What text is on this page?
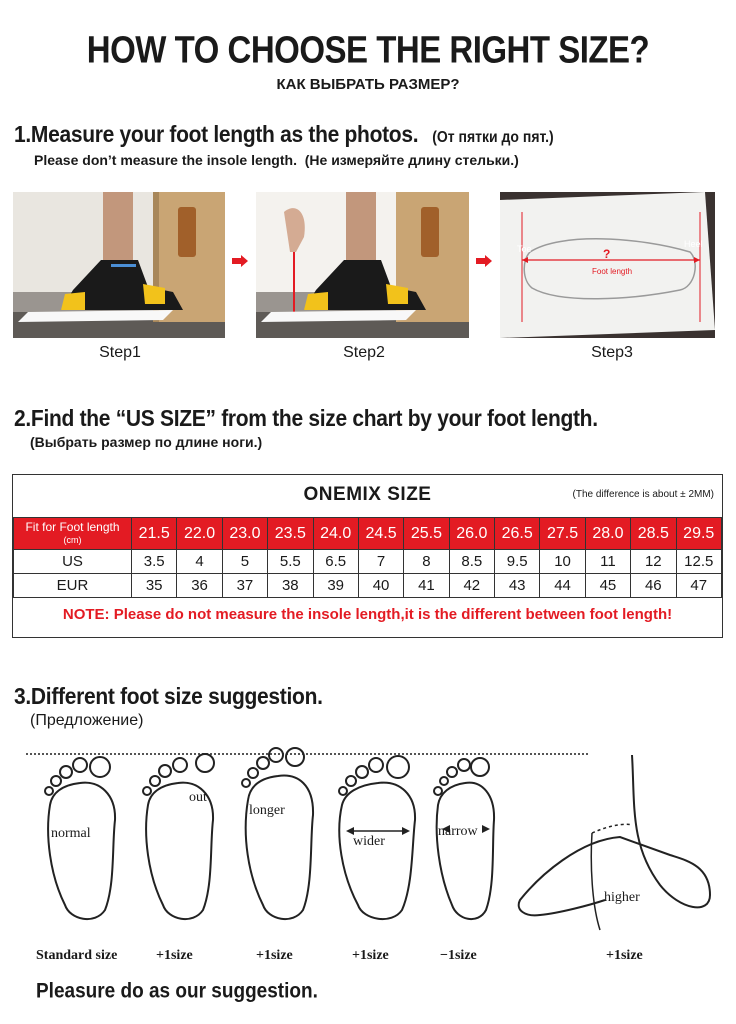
HOW TO CHOOSE THE RIGHT SIZE?
КАК ВЫБРАТЬ РАЗМЕР?
1.Measure your foot length as the photos. (От пятки до пят.)
Please don’t measure the insole length. (Не измеряйте длину стельки.)
Toe	Heel
?
Foot length
Step1	Step2	Step3
2.Find the “US SIZE” from the size chart by your foot length.
(Выбрать размер по длине ноги.)
ONEMIX SIZE	(The difference is about ± 2MM)
Fit for Foot length
(cm)	21.5	22.0	23.0	23.5	24.0	24.5	25.5	26.0	26.5	27.5	28.0	28.5	29.5
US	3.5	4	5	5.5	6.5	7	8	8.5	9.5	10	11	12	12.5
EUR	35	36	37	38	39	40	41	42	43	44	45	46	47
NOTE: Please do not measure the insole length,it is the different between foot length!
3.Different foot size suggestion.
(Предложение)
normal
out
longer
wider
narrow
higher
Standard size	+1size	+1size	+1size	−1size	+1size
Pleasure do as our suggestion.
